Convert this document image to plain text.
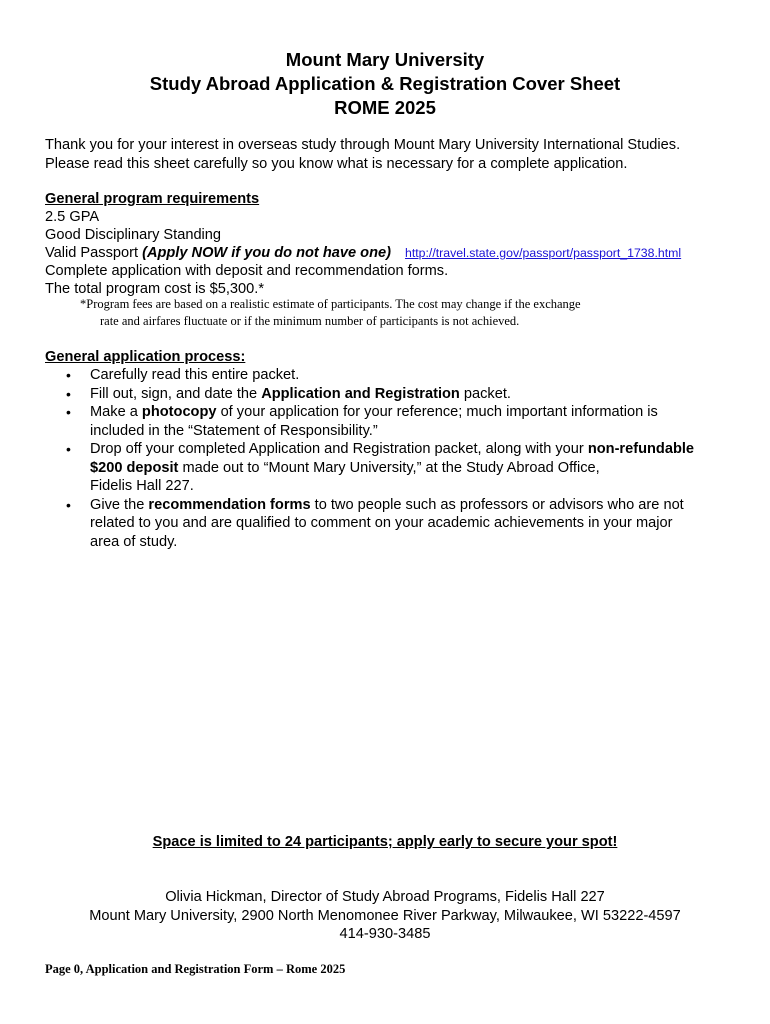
Mount Mary University
Study Abroad Application & Registration Cover Sheet
ROME 2025
Thank you for your interest in overseas study through Mount Mary University International Studies.
Please read this sheet carefully so you know what is necessary for a complete application.
General program requirements
2.5 GPA
Good Disciplinary Standing
Valid Passport (Apply NOW if you do not have one) http://travel.state.gov/passport/passport_1738.html
Complete application with deposit and recommendation forms.
The total program cost is $5,300.*
*Program fees are based on a realistic estimate of participants. The cost may change if the exchange
rate and airfares fluctuate or if the minimum number of participants is not achieved.
General application process:
• Carefully read this entire packet.
• Fill out, sign, and date the Application and Registration packet.
• Make a photocopy of your application for your reference; much important information is
included in the “Statement of Responsibility.”
• Drop off your completed Application and Registration packet, along with your non-refundable
$200 deposit made out to “Mount Mary University,” at the Study Abroad Office,
Fidelis Hall 227.
• Give the recommendation forms to two people such as professors or advisors who are not
related to you and are qualified to comment on your academic achievements in your major
area of study.
Space is limited to 24 participants; apply early to secure your spot!
Olivia Hickman, Director of Study Abroad Programs, Fidelis Hall 227
Mount Mary University, 2900 North Menomonee River Parkway, Milwaukee, WI 53222-4597
414-930-3485
Page 0, Application and Registration Form – Rome 2025
